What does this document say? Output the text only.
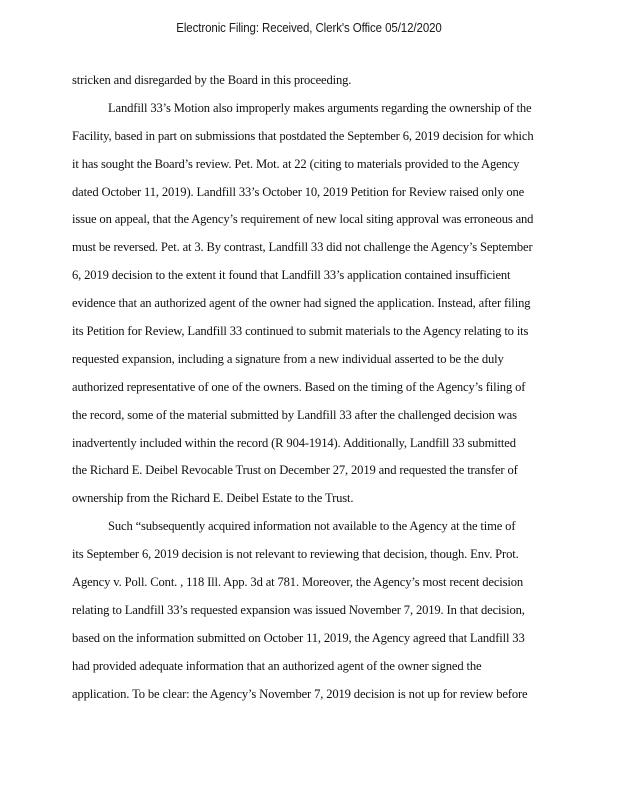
Electronic Filing: Received, Clerk's Office 05/12/2020
stricken and disregarded by the Board in this proceeding.
Landfill 33’s Motion also improperly makes arguments regarding the ownership of the
Facility, based in part on submissions that postdated the September 6, 2019 decision for which
it has sought the Board’s review. Pet. Mot. at 22 (citing to materials provided to the Agency
dated October 11, 2019). Landfill 33’s October 10, 2019 Petition for Review raised only one
issue on appeal, that the Agency’s requirement of new local siting approval was erroneous and
must be reversed. Pet. at 3. By contrast, Landfill 33 did not challenge the Agency’s September
6, 2019 decision to the extent it found that Landfill 33’s application contained insufficient
evidence that an authorized agent of the owner had signed the application. Instead, after filing
its Petition for Review, Landfill 33 continued to submit materials to the Agency relating to its
requested expansion, including a signature from a new individual asserted to be the duly
authorized representative of one of the owners. Based on the timing of the Agency’s filing of
the record, some of the material submitted by Landfill 33 after the challenged decision was
inadvertently included within the record (R 904-1914). Additionally, Landfill 33 submitted
the Richard E. Deibel Revocable Trust on December 27, 2019 and requested the transfer of
ownership from the Richard E. Deibel Estate to the Trust.
Such “subsequently acquired information not available to the Agency at the time of
its September 6, 2019 decision is not relevant to reviewing that decision, though. Env. Prot.
Agency v. Poll. Cont. , 118 Ill. App. 3d at 781. Moreover, the Agency’s most recent decision
relating to Landfill 33’s requested expansion was issued November 7, 2019. In that decision,
based on the information submitted on October 11, 2019, the Agency agreed that Landfill 33
had provided adequate information that an authorized agent of the owner signed the
application. To be clear: the Agency’s November 7, 2019 decision is not up for review before
